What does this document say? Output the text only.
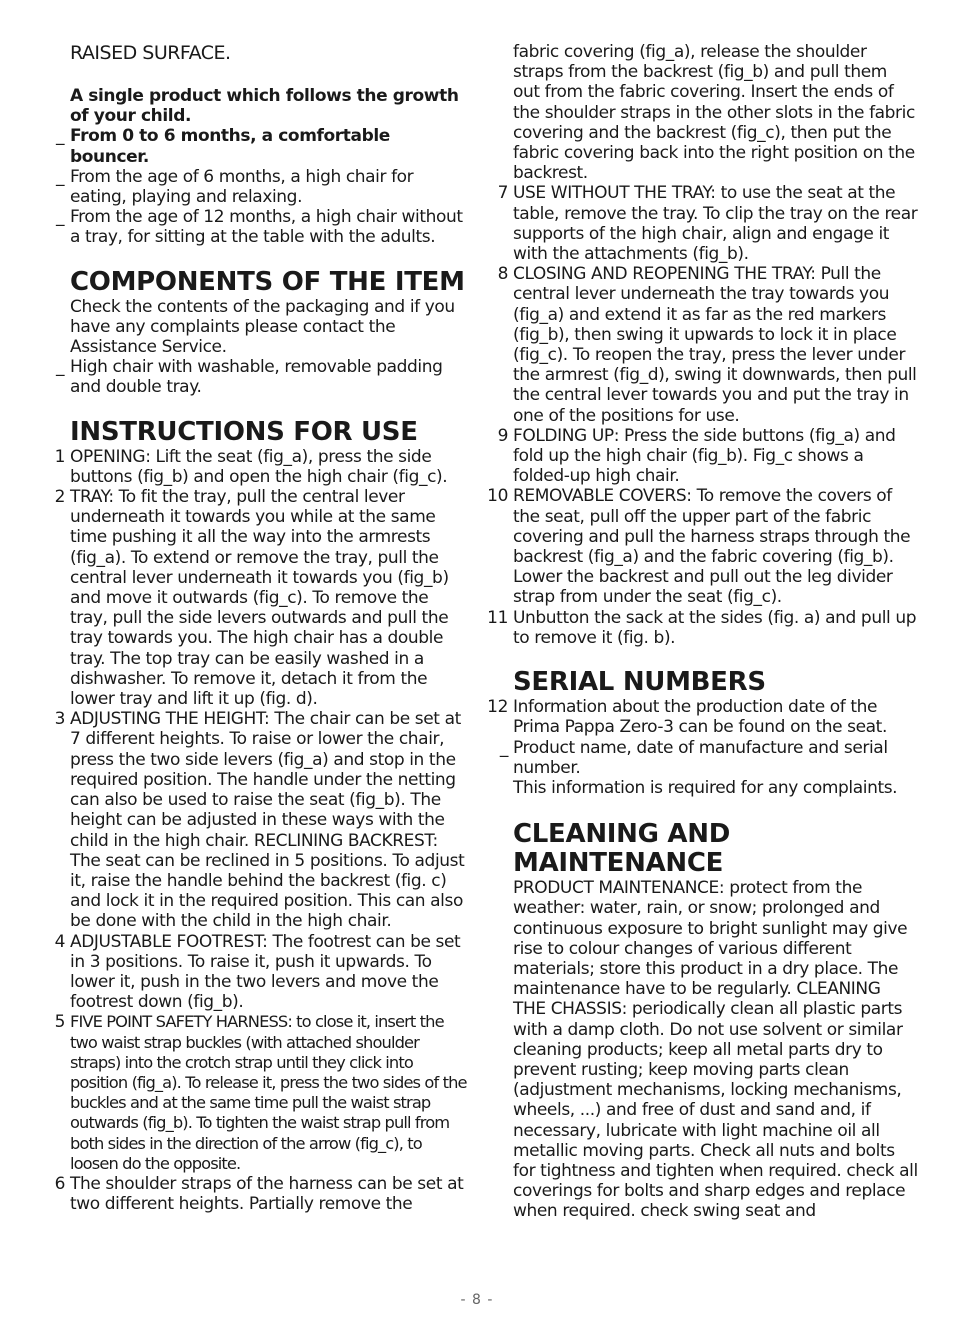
RAISED SURFACE.

A single product which follows the growth of your child.

_ From 0 to 6 months, a comfortable bouncer.
_ From the age of 6 months, a high chair for eating, playing and relaxing.
_ From the age of 12 months, a high chair without a tray, for sitting at the table with the adults.
COMPONENTS OF THE ITEM

Check the contents of the packaging and if you have any complaints please contact the Assistance Service.

_ High chair with washable, removable padding and double tray.
INSTRUCTIONS FOR USE
1 OPENING: Lift the seat (fig_a), press the side buttons (fig_b) and open the high chair (fig_c).
2 TRAY: To fit the tray, pull the central lever underneath it towards you while at the same time pushing it all the way into the armrests (fig_a). To extend or remove the tray, pull the central lever underneath it towards you (fig_b) and move it outwards (fig_c). To remove the tray, pull the side levers outwards and pull the tray towards you. The high chair has a double tray. The top tray can be easily washed in a dishwasher. To remove it, detach it from the lower tray and lift it up (fig. d).
3 ADJUSTING THE HEIGHT: The chair can be set at 7 different heights. To raise or lower the chair, press the two side levers (fig_a) and stop in the required position. The handle under the netting can also be used to raise the seat (fig_b). The height can be adjusted in these ways with the child in the high chair. RECLINING BACKREST: The seat can be reclined in 5 positions. To adjust it, raise the handle behind the backrest (fig. c) and lock it in the required position. This can also be done with the child in the high chair.
4 ADJUSTABLE FOOTREST: The footrest can be set in 3 positions. To raise it, push it upwards. To lower it, push in the two levers and move the footrest down (fig_b).
5 FIVE POINT SAFETY HARNESS: to close it, insert the two waist strap buckles (with attached shoulder straps) into the crotch strap until they click into position (fig_a). To release it, press the two sides of the buckles and at the same time pull the waist strap outwards (fig_b). To tighten the waist strap pull from both sides in the direction of the arrow (fig_c), to loosen do the opposite.
6 The shoulder straps of the harness can be set at two different heights. Partially remove the

fabric covering (fig_a), release the shoulder straps from the backrest (fig_b) and pull them out from the fabric covering. Insert the ends of the shoulder straps in the other slots in the fabric covering and the backrest (fig_c), then put the fabric covering back into the right position on the backrest.

7 USE WITHOUT THE TRAY: to use the seat at the table, remove the tray. To clip the tray on the rear supports of the high chair, align and engage it with the attachments (fig_b).
8 CLOSING AND REOPENING THE TRAY: Pull the central lever underneath the tray towards you (fig_a) and extend it as far as the red markers (fig_b), then swing it upwards to lock it in place (fig_c). To reopen the tray, press the lever under the armrest (fig_d), swing it downwards, then pull the central lever towards you and put the tray in one of the positions for use.
9 FOLDING UP: Press the side buttons (fig_a) and fold up the high chair (fig_b). Fig_c shows a folded-up high chair.
10 REMOVABLE COVERS: To remove the covers of the seat, pull off the upper part of the fabric covering and pull the harness straps through the backrest (fig_a) and the fabric covering (fig_b). Lower the backrest and pull out the leg divider strap from under the seat (fig_c).
11 Unbutton the sack at the sides (fig. a) and pull up to remove it (fig. b).
SERIAL NUMBERS
12 Information about the production date of the Prima Pappa Zero-3 can be found on the seat.
_ Product name, date of manufacture and serial number.

This information is required for any complaints.

CLEANING AND
MAINTENANCE

PRODUCT MAINTENANCE: protect from the weather: water, rain, or snow; prolonged and continuous exposure to bright sunlight may give rise to colour changes of various different materials; store this product in a dry place. The maintenance have to be regularly. CLEANING THE CHASSIS: periodically clean all plastic parts with a damp cloth. Do not use solvent or similar cleaning products; keep all metal parts dry to prevent rusting; keep moving parts clean (adjustment mechanisms, locking mechanisms, wheels, ...) and free of dust and sand and, if necessary, lubricate with light machine oil all metallic moving parts. Check all nuts and bolts for tightness and tighten when required. check all coverings for bolts and sharp edges and replace when required. check swing seat and

- 8 -
